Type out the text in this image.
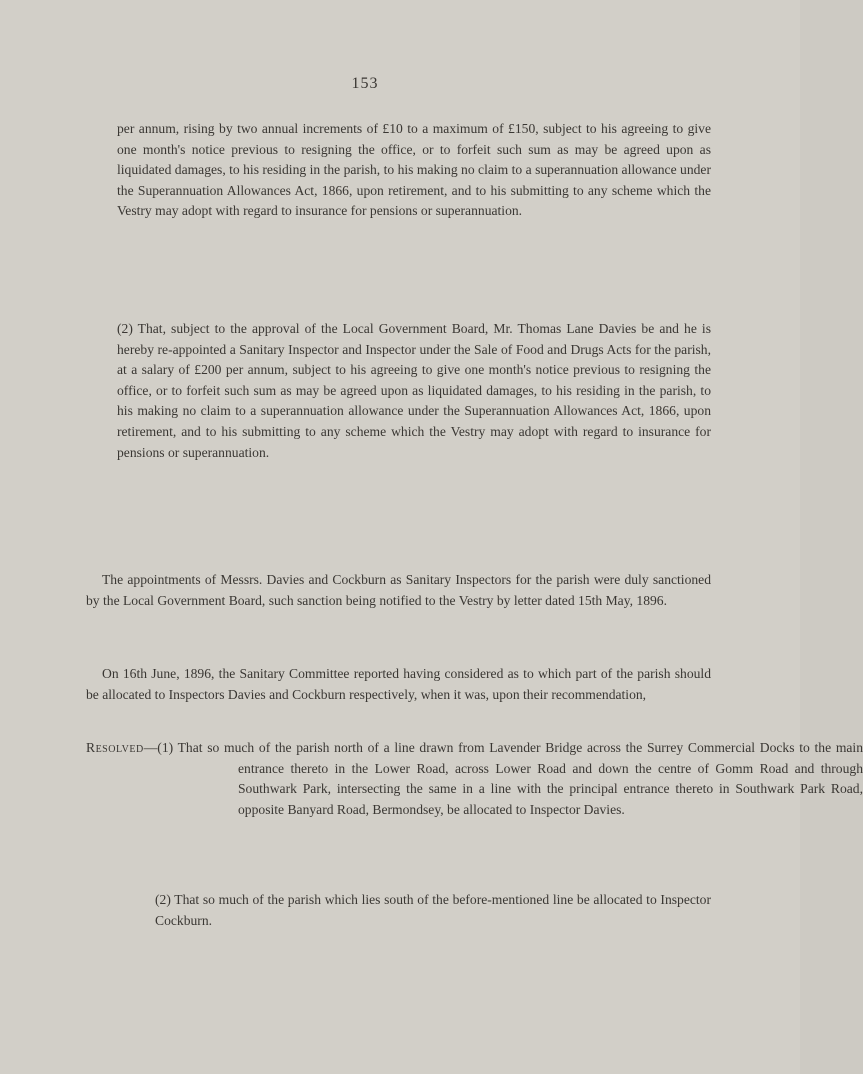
153

per annum, rising by two annual increments of £10 to a maximum of £150, subject to his agreeing to give one month's notice previous to resigning the office, or to forfeit such sum as may be agreed upon as liquidated damages, to his residing in the parish, to his making no claim to a superannuation allowance under the Superannuation Allowances Act, 1866, upon retirement, and to his submitting to any scheme which the Vestry may adopt with regard to insurance for pensions or superannuation.

(2) That, subject to the approval of the Local Government Board, Mr. Thomas Lane Davies be and he is hereby re-appointed a Sanitary Inspector and Inspector under the Sale of Food and Drugs Acts for the parish, at a salary of £200 per annum, subject to his agreeing to give one month's notice previous to resigning the office, or to forfeit such sum as may be agreed upon as liquidated damages, to his residing in the parish, to his making no claim to a superannuation allowance under the Superannuation Allowances Act, 1866, upon retirement, and to his submitting to any scheme which the Vestry may adopt with regard to insurance for pensions or superannuation.

The appointments of Messrs. Davies and Cockburn as Sanitary Inspectors for the parish were duly sanctioned by the Local Government Board, such sanction being notified to the Vestry by letter dated 15th May, 1896.

On 16th June, 1896, the Sanitary Committee reported having considered as to which part of the parish should be allocated to Inspectors Davies and Cockburn respectively, when it was, upon their recommendation,

Resolved—(1) That so much of the parish north of a line drawn from Lavender Bridge across the Surrey Commercial Docks to the main entrance thereto in the Lower Road, across Lower Road and down the centre of Gomm Road and through Southwark Park, intersecting the same in a line with the principal entrance thereto in Southwark Park Road, opposite Banyard Road, Bermondsey, be allocated to Inspector Davies.

(2) That so much of the parish which lies south of the before-mentioned line be allocated to Inspector Cockburn.
